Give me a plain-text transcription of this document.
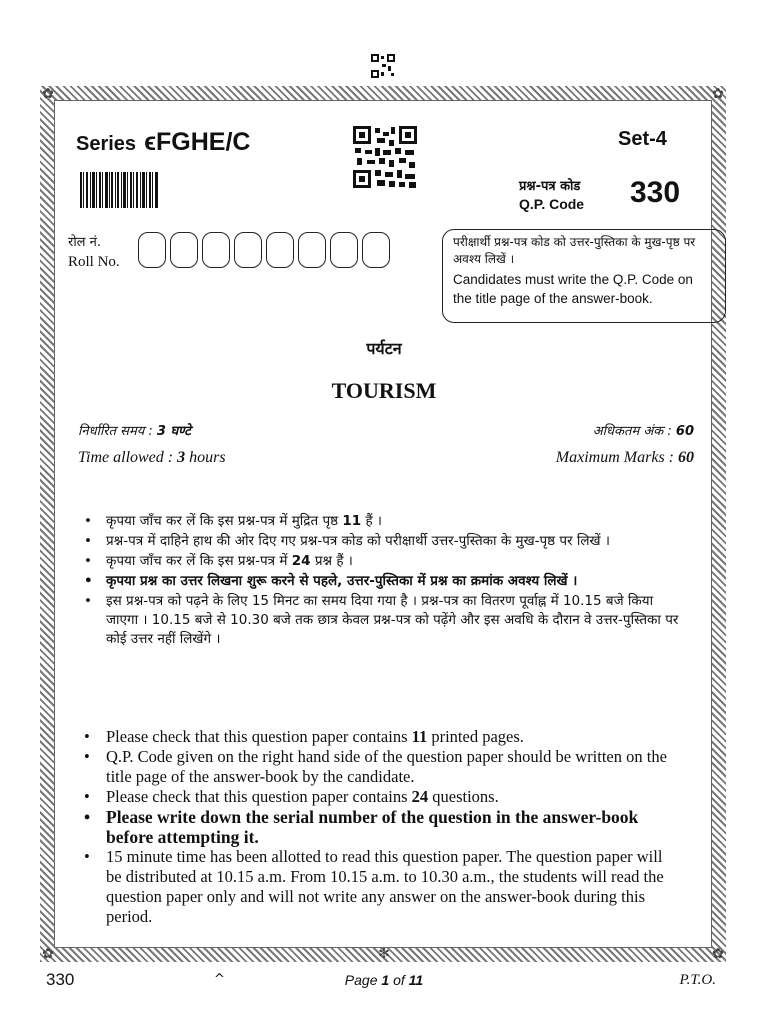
✿	✿
✿	✿
✻
Series ϵFGHE/C	Set-4
प्रश्न-पत्र कोड
Q.P. Code 330
रोल नं.
Roll No.
परीक्षार्थी प्रश्न-पत्र कोड को उत्तर-पुस्तिका के मुख-पृष्ठ पर अवश्य लिखें ।
Candidates must write the Q.P. Code on the title page of the answer-book.
पर्यटन
TOURISM
निर्धारित समय : 3 घण्टे
Time allowed : 3 hours
अधिकतम अंक : 60
Maximum Marks : 60
• कृपया जाँच कर लें कि इस प्रश्न-पत्र में मुद्रित पृष्ठ 11 हैं ।
• प्रश्न-पत्र में दाहिने हाथ की ओर दिए गए प्रश्न-पत्र कोड को परीक्षार्थी उत्तर-पुस्तिका के मुख-पृष्ठ पर लिखें ।
• कृपया जाँच कर लें कि इस प्रश्न-पत्र में 24 प्रश्न हैं ।
• कृपया प्रश्न का उत्तर लिखना शुरू करने से पहले, उत्तर-पुस्तिका में प्रश्न का क्रमांक अवश्य लिखें ।
• इस प्रश्न-पत्र को पढ़ने के लिए 15 मिनट का समय दिया गया है । प्रश्न-पत्र का वितरण पूर्वाह्न में 10.15 बजे किया जाएगा । 10.15 बजे से 10.30 बजे तक छात्र केवल प्रश्न-पत्र को पढ़ेंगे और इस अवधि के दौरान वे उत्तर-पुस्तिका पर कोई उत्तर नहीं लिखेंगे ।
• Please check that this question paper contains 11 printed pages.
• Q.P. Code given on the right hand side of the question paper should be written on the title page of the answer-book by the candidate.
• Please check that this question paper contains 24 questions.
• Please write down the serial number of the question in the answer-book before attempting it.
• 15 minute time has been allotted to read this question paper. The question paper will be distributed at 10.15 a.m. From 10.15 a.m. to 10.30 a.m., the students will read the question paper only and will not write any answer on the answer-book during this period.
330	^	Page 1 of 11	P.T.O.
